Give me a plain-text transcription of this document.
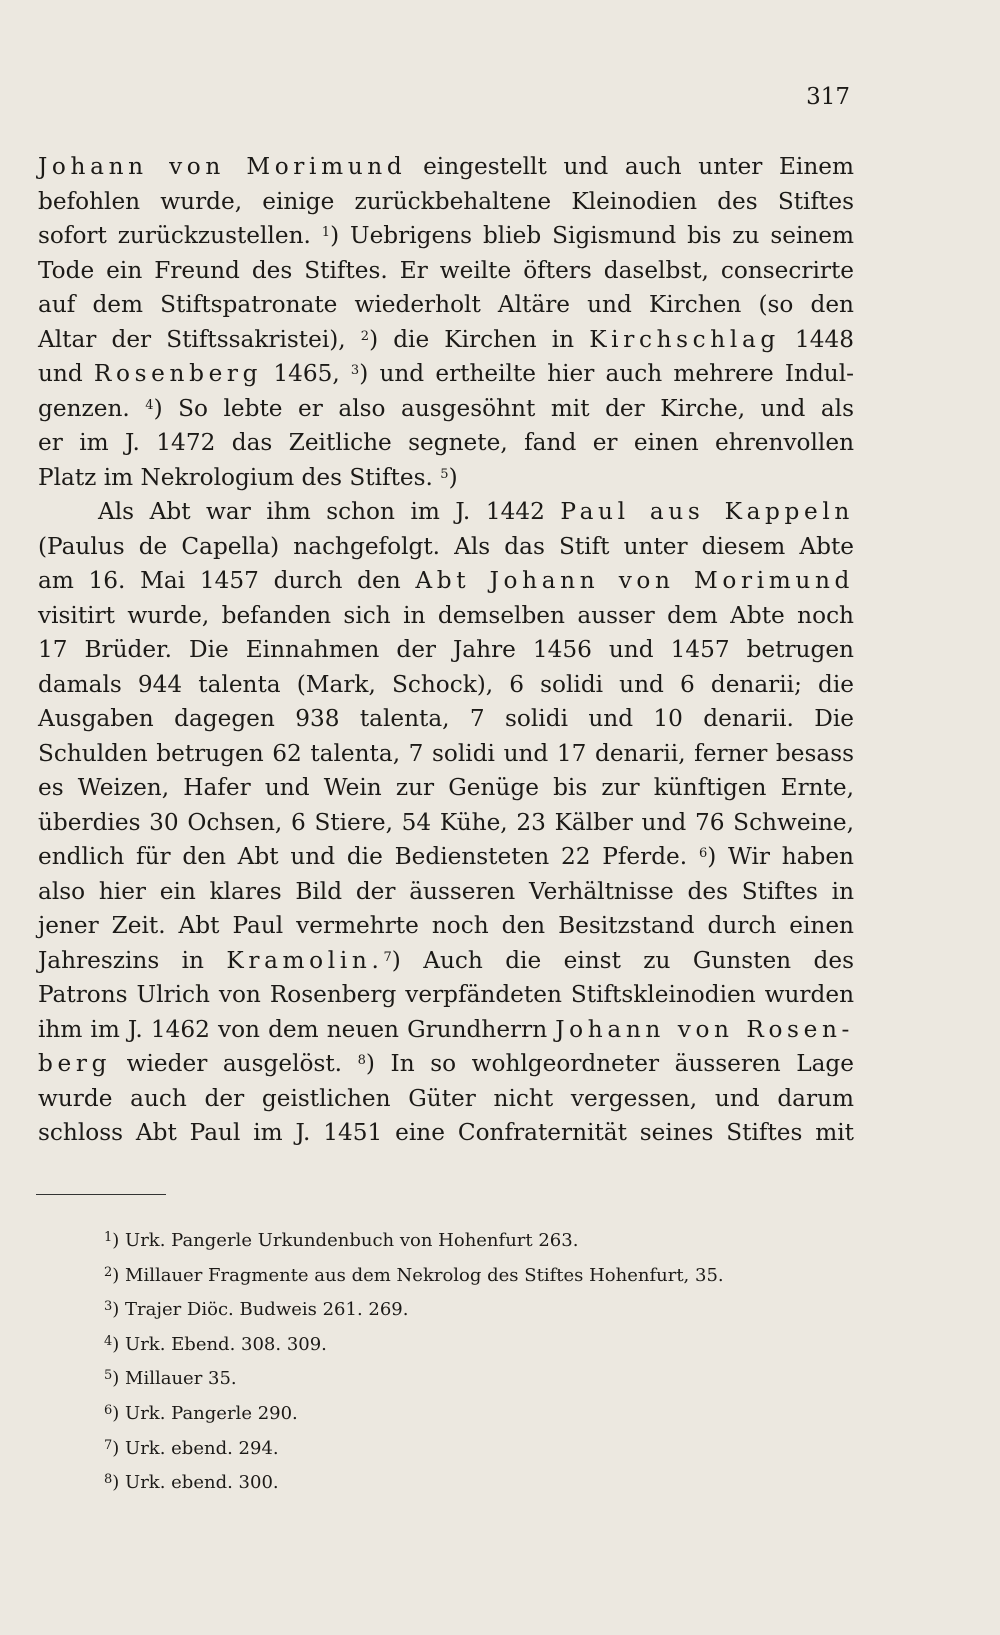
317
Johann von Morimund eingestellt und auch unter Einem
befohlen wurde, einige zurückbehaltene Kleinodien des Stiftes
sofort zurückzustellen. $^1$) Uebrigens blieb Sigismund bis zu seinem
Tode ein Freund des Stiftes. Er weilte öfters daselbst, consecrirte
auf dem Stiftspatronate wiederholt Altäre und Kirchen (so den
Altar der Stiftssakristei), $^2$) die Kirchen in Kirchschlag 1448
und Rosenberg 1465, $^3$) und ertheilte hier auch mehrere Indul-
genzen. $^4$) So lebte er also ausgesöhnt mit der Kirche, und als
er im J. 1472 das Zeitliche segnete, fand er einen ehrenvollen
Platz im Nekrologium des Stiftes. $^5$)
Als Abt war ihm schon im J. 1442 Paul aus Kappeln
(Paulus de Capella) nachgefolgt. Als das Stift unter diesem Abte
am 16. Mai 1457 durch den Abt Johann von Morimund
visitirt wurde, befanden sich in demselben ausser dem Abte noch
17 Brüder. Die Einnahmen der Jahre 1456 und 1457 betrugen
damals 944 talenta (Mark, Schock), 6 solidi und 6 denarii; die
Ausgaben dagegen 938 talenta, 7 solidi und 10 denarii. Die
Schulden betrugen 62 talenta, 7 solidi und 17 denarii, ferner besass
es Weizen, Hafer und Wein zur Genüge bis zur künftigen Ernte,
überdies 30 Ochsen, 6 Stiere, 54 Kühe, 23 Kälber und 76 Schweine,
endlich für den Abt und die Bediensteten 22 Pferde. $^6$) Wir haben
also hier ein klares Bild der äusseren Verhältnisse des Stiftes in
jener Zeit. Abt Paul vermehrte noch den Besitzstand durch einen
Jahreszins in Kramolin.$^7$) Auch die einst zu Gunsten des
Patrons Ulrich von Rosenberg verpfändeten Stiftskleinodien wurden
ihm im J. 1462 von dem neuen Grundherrn Johann von Rosen-
berg wieder ausgelöst. $^8$) In so wohlgeordneter äusseren Lage
wurde auch der geistlichen Güter nicht vergessen, und darum
schloss Abt Paul im J. 1451 eine Confraternität seines Stiftes mit
$^1$) Urk. Pangerle Urkundenbuch von Hohenfurt 263.
$^2$) Millauer Fragmente aus dem Nekrolog des Stiftes Hohenfurt, 35.
$^3$) Trajer Diöc. Budweis 261. 269.
$^4$) Urk. Ebend. 308. 309.
$^5$) Millauer 35.
$^6$) Urk. Pangerle 290.
$^7$) Urk. ebend. 294.
$^8$) Urk. ebend. 300.
